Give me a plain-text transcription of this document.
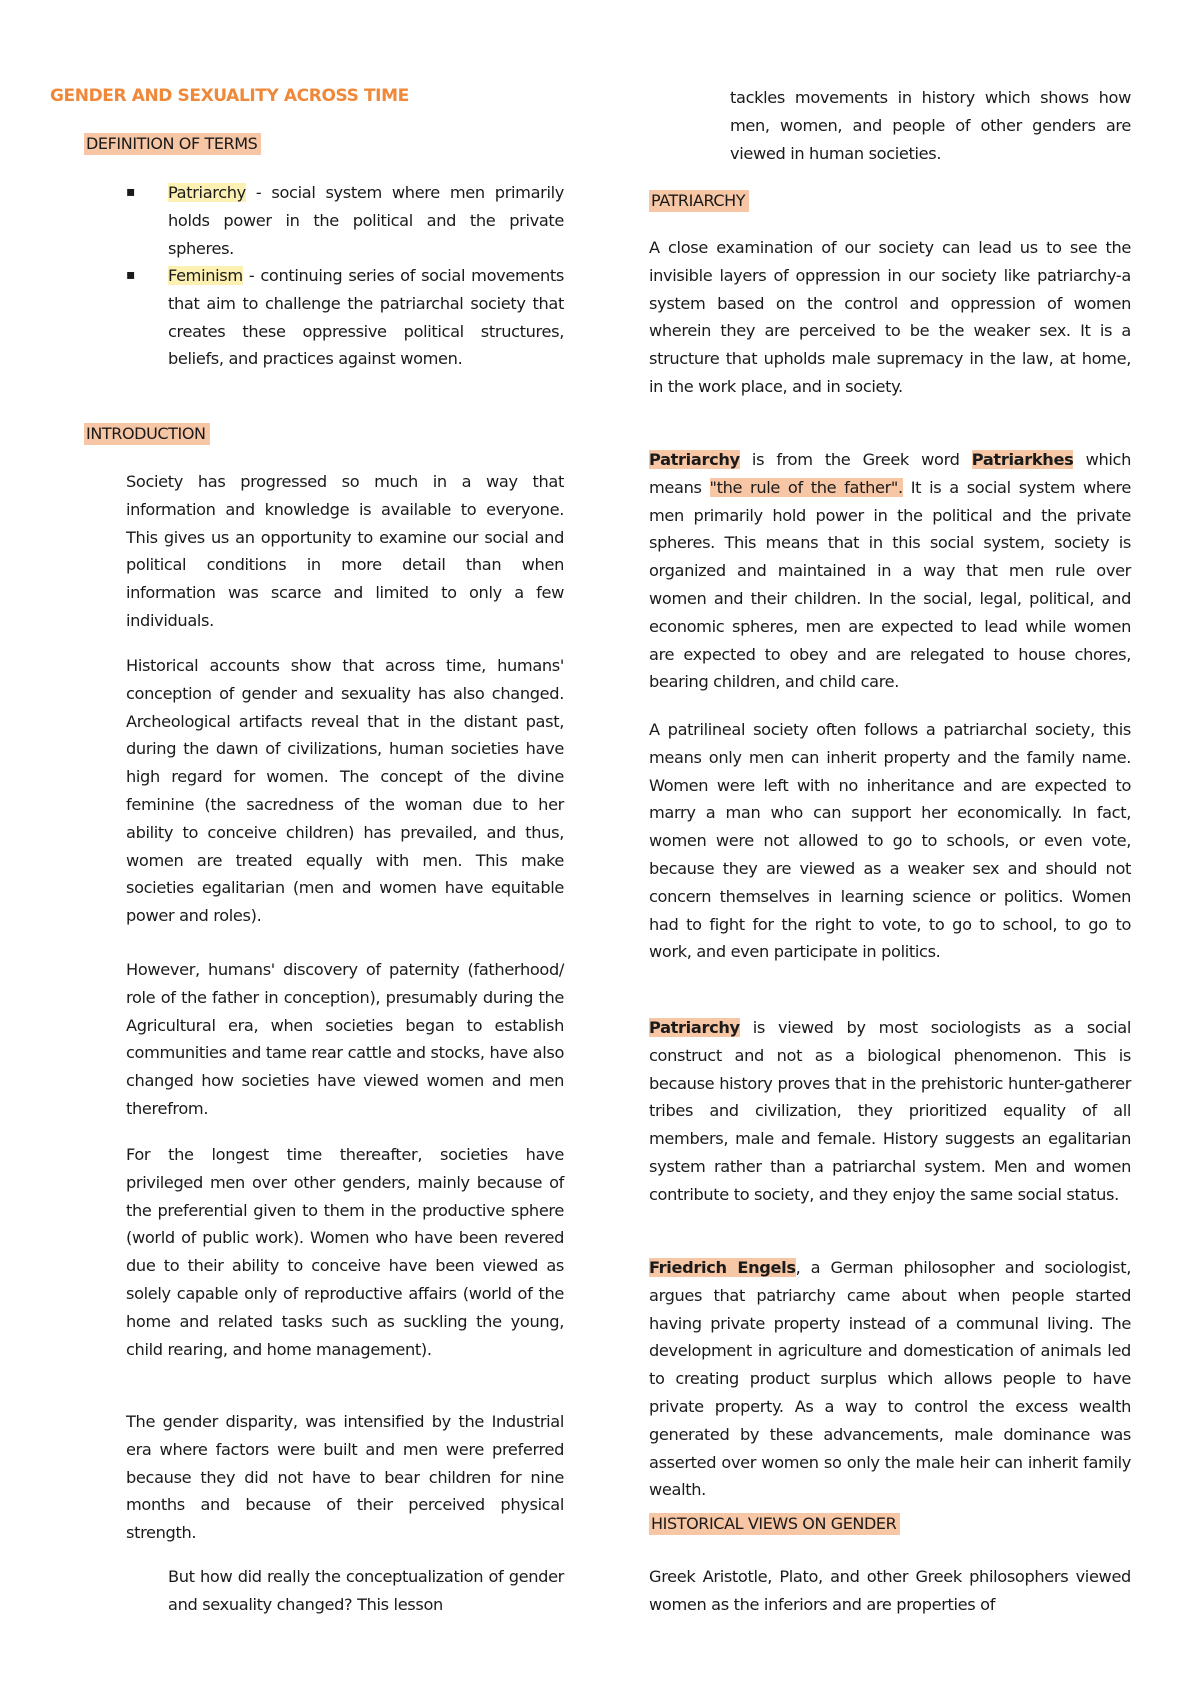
GENDER AND SEXUALITY ACROSS TIME
DEFINITION OF TERMS
▪ Patriarchy - social system where men primarily holds power in the political and the private spheres.

▪ Feminism - continuing series of social movements that aim to challenge the patriarchal society that creates these oppressive political structures, beliefs, and practices against women.

INTRODUCTION

Society has progressed so much in a way that information and knowledge is available to everyone. This gives us an opportunity to examine our social and political conditions in more detail than when information was scarce and limited to only a few individuals.

Historical accounts show that across time, humans' conception of gender and sexuality has also changed. Archeological artifacts reveal that in the distant past, during the dawn of civilizations, human societies have high regard for women. The concept of the divine feminine (the sacredness of the woman due to her ability to conceive children) has prevailed, and thus, women are treated equally with men. This make societies egalitarian (men and women have equitable power and roles).

However, humans' discovery of paternity (fatherhood/ role of the father in conception), presumably during the Agricultural era, when societies began to establish communities and tame rear cattle and stocks, have also changed how societies have viewed women and men therefrom.

For the longest time thereafter, societies have privileged men over other genders, mainly because of the preferential given to them in the productive sphere (world of public work). Women who have been revered due to their ability to conceive have been viewed as solely capable only of reproductive affairs (world of the home and related tasks such as suckling the young, child rearing, and home management).

The gender disparity, was intensified by the Industrial era where factors were built and men were preferred because they did not have to bear children for nine months and because of their perceived physical strength.

But how did really the conceptualization of gender and sexuality changed? This lesson

tackles movements in history which shows how men, women, and people of other genders are viewed in human societies.

PATRIARCHY

A close examination of our society can lead us to see the invisible layers of oppression in our society like patriarchy-a system based on the control and oppression of women wherein they are perceived to be the weaker sex. It is a structure that upholds male supremacy in the law, at home, in the work place, and in society.

Patriarchy is from the Greek word Patriarkhes which means "the rule of the father". It is a social system where men primarily hold power in the political and the private spheres. This means that in this social system, society is organized and maintained in a way that men rule over women and their children. In the social, legal, political, and economic spheres, men are expected to lead while women are expected to obey and are relegated to house chores, bearing children, and child care.

A patrilineal society often follows a patriarchal society, this means only men can inherit property and the family name. Women were left with no inheritance and are expected to marry a man who can support her economically. In fact, women were not allowed to go to schools, or even vote, because they are viewed as a weaker sex and should not concern themselves in learning science or politics. Women had to fight for the right to vote, to go to school, to go to work, and even participate in politics.

Patriarchy is viewed by most sociologists as a social construct and not as a biological phenomenon. This is because history proves that in the prehistoric hunter-gatherer tribes and civilization, they prioritized equality of all members, male and female. History suggests an egalitarian system rather than a patriarchal system. Men and women contribute to society, and they enjoy the same social status.

Friedrich Engels, a German philosopher and sociologist, argues that patriarchy came about when people started having private property instead of a communal living. The development in agriculture and domestication of animals led to creating product surplus which allows people to have private property. As a way to control the excess wealth generated by these advancements, male dominance was asserted over women so only the male heir can inherit family wealth.

HISTORICAL VIEWS ON GENDER

Greek Aristotle, Plato, and other Greek philosophers viewed women as the inferiors and are properties of
